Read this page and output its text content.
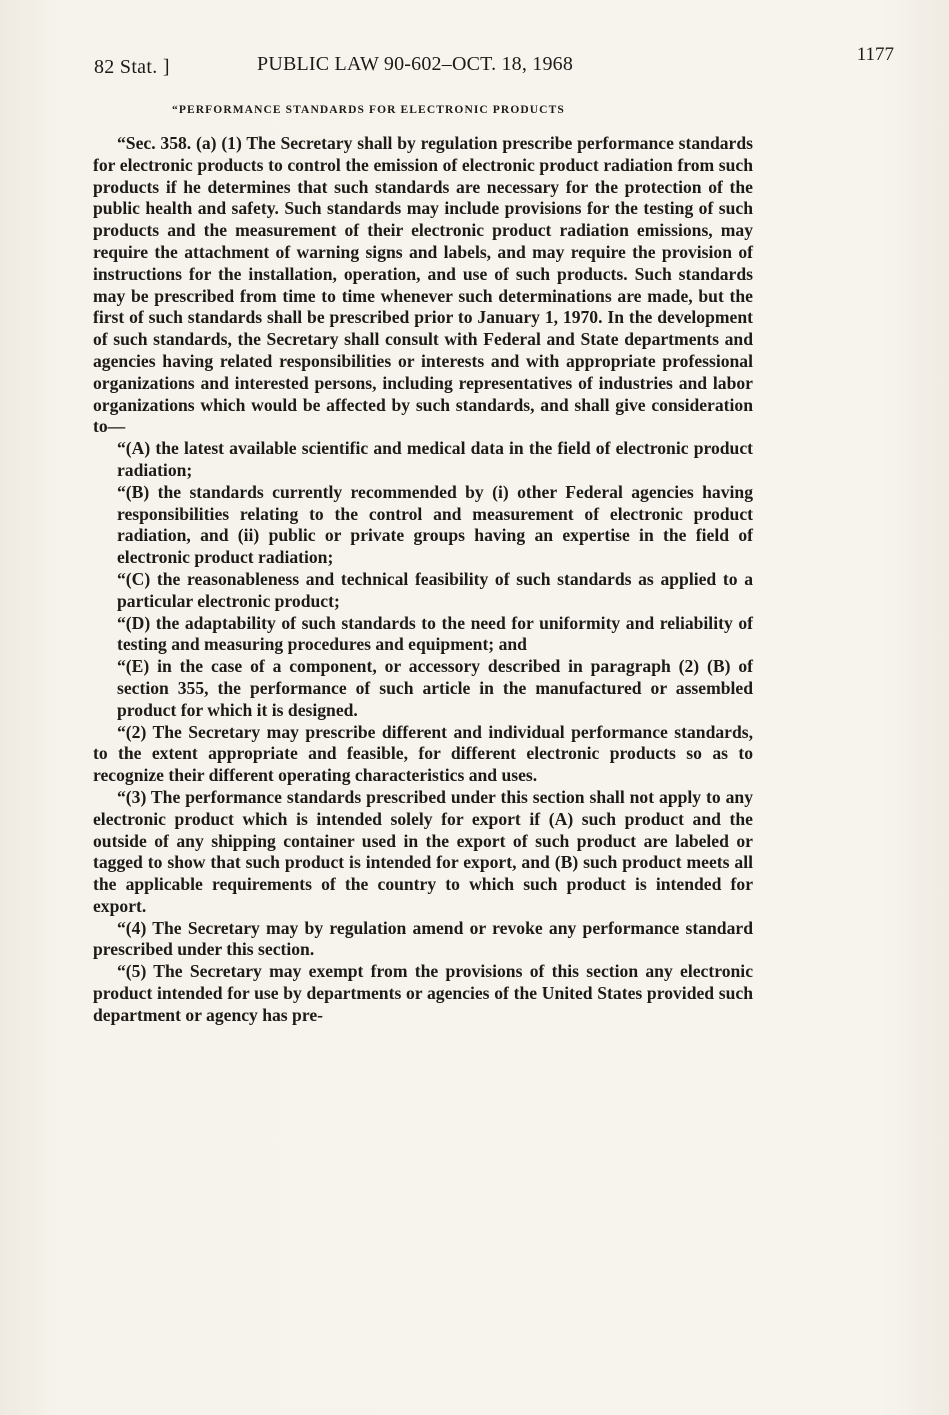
82 Stat. ]	PUBLIC LAW 90-602–OCT. 18, 1968	1177
“PERFORMANCE STANDARDS FOR ELECTRONIC PRODUCTS

“Sec. 358. (a) (1) The Secretary shall by regulation prescribe performance standards for electronic products to control the emission of electronic product radiation from such products if he determines that such standards are necessary for the protection of the public health and safety. Such standards may include provisions for the testing of such products and the measurement of their electronic product radiation emissions, may require the attachment of warning signs and labels, and may require the provision of instructions for the installation, operation, and use of such products. Such standards may be prescribed from time to time whenever such determinations are made, but the first of such standards shall be prescribed prior to January 1, 1970. In the development of such standards, the Secretary shall consult with Federal and State departments and agencies having related responsibilities or interests and with appropriate professional organizations and interested persons, including representatives of industries and labor organizations which would be affected by such standards, and shall give consideration to—

“(A) the latest available scientific and medical data in the field of electronic product radiation;

“(B) the standards currently recommended by (i) other Federal agencies having responsibilities relating to the control and measurement of electronic product radiation, and (ii) public or private groups having an expertise in the field of electronic product radiation;

“(C) the reasonableness and technical feasibility of such standards as applied to a particular electronic product;

“(D) the adaptability of such standards to the need for uniformity and reliability of testing and measuring procedures and equipment; and

“(E) in the case of a component, or accessory described in paragraph (2) (B) of section 355, the performance of such article in the manufactured or assembled product for which it is designed.

“(2) The Secretary may prescribe different and individual performance standards, to the extent appropriate and feasible, for different electronic products so as to recognize their different operating characteristics and uses.

“(3) The performance standards prescribed under this section shall not apply to any electronic product which is intended solely for export if (A) such product and the outside of any shipping container used in the export of such product are labeled or tagged to show that such product is intended for export, and (B) such product meets all the applicable requirements of the country to which such product is intended for export.

“(4) The Secretary may by regulation amend or revoke any performance standard prescribed under this section.

“(5) The Secretary may exempt from the provisions of this section any electronic product intended for use by departments or agencies of the United States provided such department or agency has pre-
